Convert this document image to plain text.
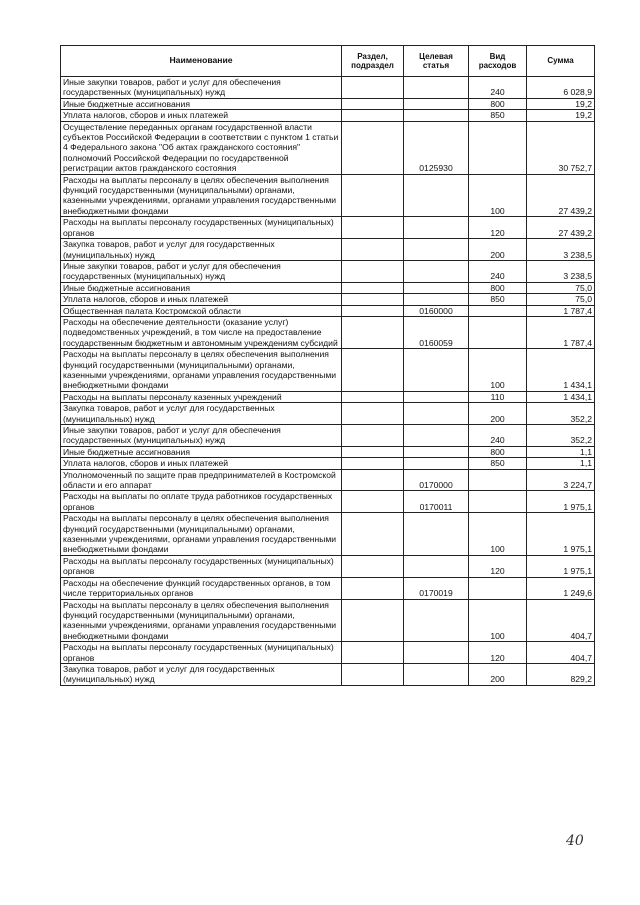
Наименование	Раздел, подраздел	Целевая статья	Вид расходов	Сумма
Иные закупки товаров, работ и услуг для обеспечения государственных (муниципальных) нужд			240	6 028,9
Иные бюджетные ассигнования			800	19,2
Уплата налогов, сборов и иных платежей			850	19,2
Осуществление переданных органам государственной власти субъектов Российской Федерации в соответствии с пунктом 1 статьи 4 Федерального закона "Об актах гражданского состояния" полномочий Российской Федерации по государственной регистрации актов гражданского состояния		0125930		30 752,7
Расходы на выплаты персоналу в целях обеспечения выполнения функций государственными (муниципальными) органами, казенными учреждениями, органами управления государственными внебюджетными фондами			100	27 439,2
Расходы на выплаты персоналу государственных (муниципальных) органов			120	27 439,2
Закупка товаров, работ и услуг для государственных (муниципальных) нужд			200	3 238,5
Иные закупки товаров, работ и услуг для обеспечения государственных (муниципальных) нужд			240	3 238,5
Иные бюджетные ассигнования			800	75,0
Уплата налогов, сборов и иных платежей			850	75,0
Общественная палата Костромской области		0160000		1 787,4
Расходы на обеспечение деятельности (оказание услуг) подведомственных учреждений, в том числе на предоставление государственным бюджетным и автономным учреждениям субсидий		0160059		1 787,4
Расходы на выплаты персоналу в целях обеспечения выполнения функций государственными (муниципальными) органами, казенными учреждениями, органами управления государственными внебюджетными фондами			100	1 434,1
Расходы на выплаты персоналу казенных учреждений			110	1 434,1
Закупка товаров, работ и услуг для государственных (муниципальных) нужд			200	352,2
Иные закупки товаров, работ и услуг для обеспечения государственных (муниципальных) нужд			240	352,2
Иные бюджетные ассигнования			800	1,1
Уплата налогов, сборов и иных платежей			850	1,1
Уполномоченный по защите прав предпринимателей в Костромской области и его аппарат		0170000		3 224,7
Расходы на выплаты по оплате труда работников государственных органов		0170011		1 975,1
Расходы на выплаты персоналу в целях обеспечения выполнения функций государственными (муниципальными) органами, казенными учреждениями, органами управления государственными внебюджетными фондами			100	1 975,1
Расходы на выплаты персоналу государственных (муниципальных) органов			120	1 975,1
Расходы на обеспечение функций государственных органов, в том числе территориальных органов		0170019		1 249,6
Расходы на выплаты персоналу в целях обеспечения выполнения функций государственными (муниципальными) органами, казенными учреждениями, органами управления государственными внебюджетными фондами			100	404,7
Расходы на выплаты персоналу государственных (муниципальных) органов			120	404,7
Закупка товаров, работ и услуг для государственных (муниципальных) нужд			200	829,2
40
